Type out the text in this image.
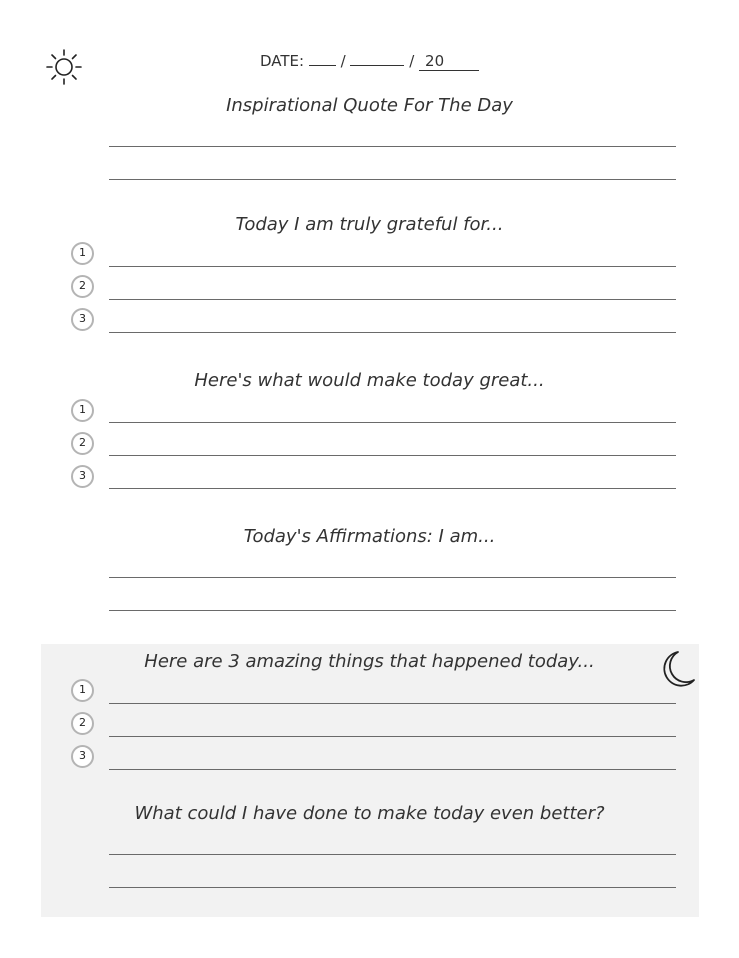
DATE: /	/ 20
Inspirational Quote For The Day
Today I am truly grateful for...
1
2
3
Here's what would make today great...
1
2
3
Today's Affirmations: I am...
Here are 3 amazing things that happened today...
1
2
3
What could I have done to make today even better?
